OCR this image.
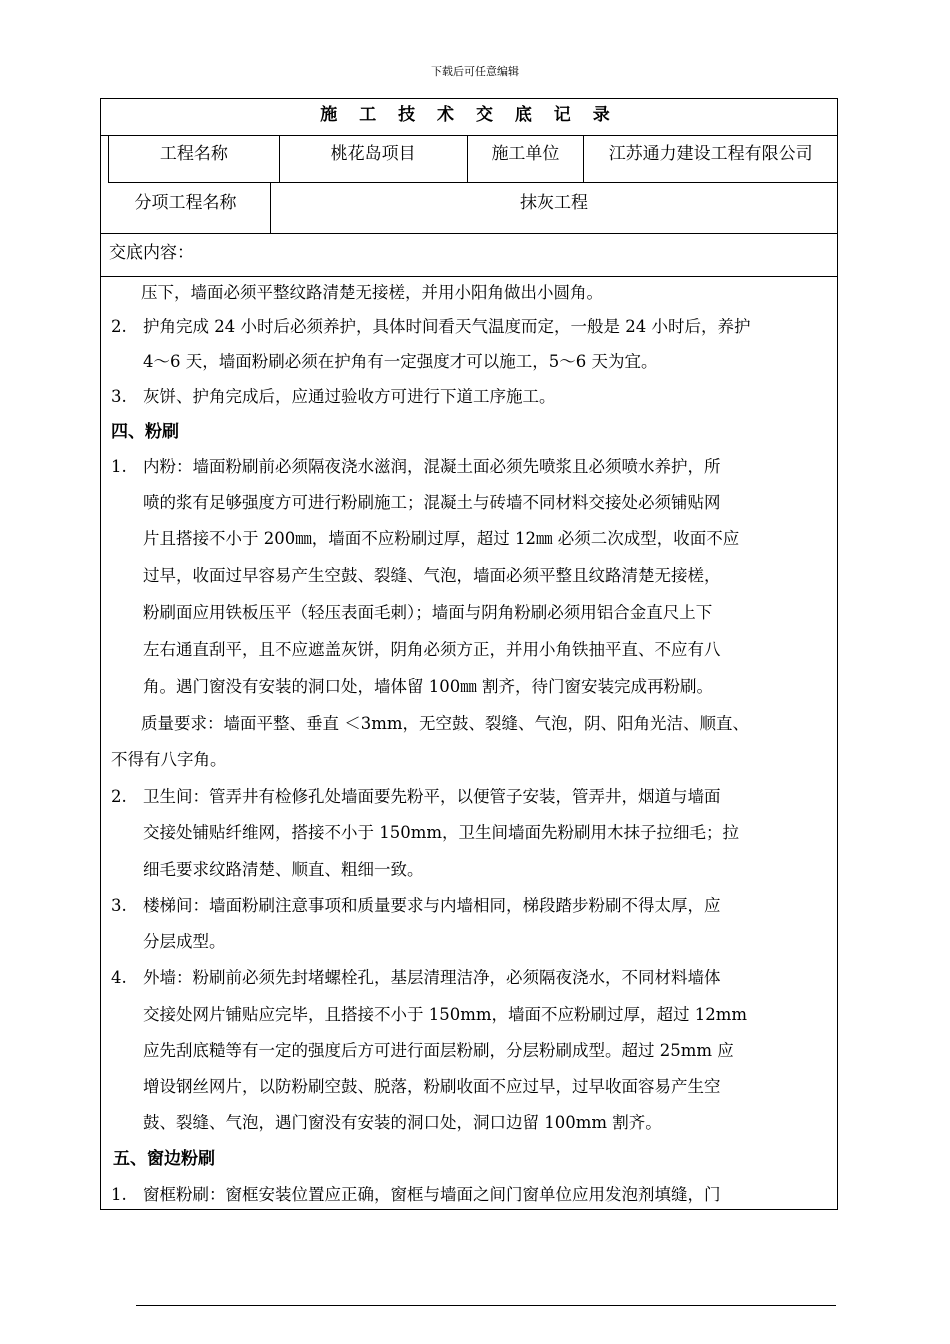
下载后可任意编辑
施 工 技 术 交 底 记 录
工程名称	桃花岛项目	施工单位	江苏通力建设工程有限公司
分项工程名称	抹灰工程
交底内容：
压下，墙面必须平整纹路清楚无接槎，并用小阳角做出小圆角。
2. 护角完成 24 小时后必须养护，具体时间看天气温度而定，一般是 24 小时后，养护
4～6 天，墙面粉刷必须在护角有一定强度才可以施工，5～6 天为宜。
3. 灰饼、护角完成后，应通过验收方可进行下道工序施工。
四、粉刷
1. 内粉：墙面粉刷前必须隔夜浇水滋润，混凝土面必须先喷浆且必须喷水养护，所
喷的浆有足够强度方可进行粉刷施工；混凝土与砖墙不同材料交接处必须铺贴网
片且搭接不小于 200㎜，墙面不应粉刷过厚，超过 12㎜ 必须二次成型，收面不应
过早，收面过早容易产生空鼓、裂缝、气泡，墙面必须平整且纹路清楚无接槎，
粉刷面应用铁板压平（轻压表面毛刺）；墙面与阴角粉刷必须用铝合金直尺上下
左右通直刮平，且不应遮盖灰饼，阴角必须方正，并用小角铁抽平直、不应有八
角。遇门窗没有安装的洞口处，墙体留 100㎜ 割齐，待门窗安装完成再粉刷。
质量要求：墙面平整、垂直 ＜3mm，无空鼓、裂缝、气泡，阴、阳角光洁、顺直、
不得有八字角。
2. 卫生间：管弄井有检修孔处墙面要先粉平，以便管子安装，管弄井，烟道与墙面
交接处铺贴纤维网，搭接不小于 150mm，卫生间墙面先粉刷用木抹子拉细毛；拉
细毛要求纹路清楚、顺直、粗细一致。
3. 楼梯间：墙面粉刷注意事项和质量要求与内墙相同，梯段踏步粉刷不得太厚，应
分层成型。
4. 外墙：粉刷前必须先封堵螺栓孔，基层清理洁净，必须隔夜浇水，不同材料墙体
交接处网片铺贴应完毕，且搭接不小于 150mm，墙面不应粉刷过厚，超过 12mm
应先刮底糙等有一定的强度后方可进行面层粉刷，分层粉刷成型。超过 25mm 应
增设钢丝网片，以防粉刷空鼓、脱落，粉刷收面不应过早，过早收面容易产生空
鼓、裂缝、气泡，遇门窗没有安装的洞口处，洞口边留 100mm 割齐。
五、窗边粉刷
1. 窗框粉刷：窗框安装位置应正确，窗框与墙面之间门窗单位应用发泡剂填缝，门
